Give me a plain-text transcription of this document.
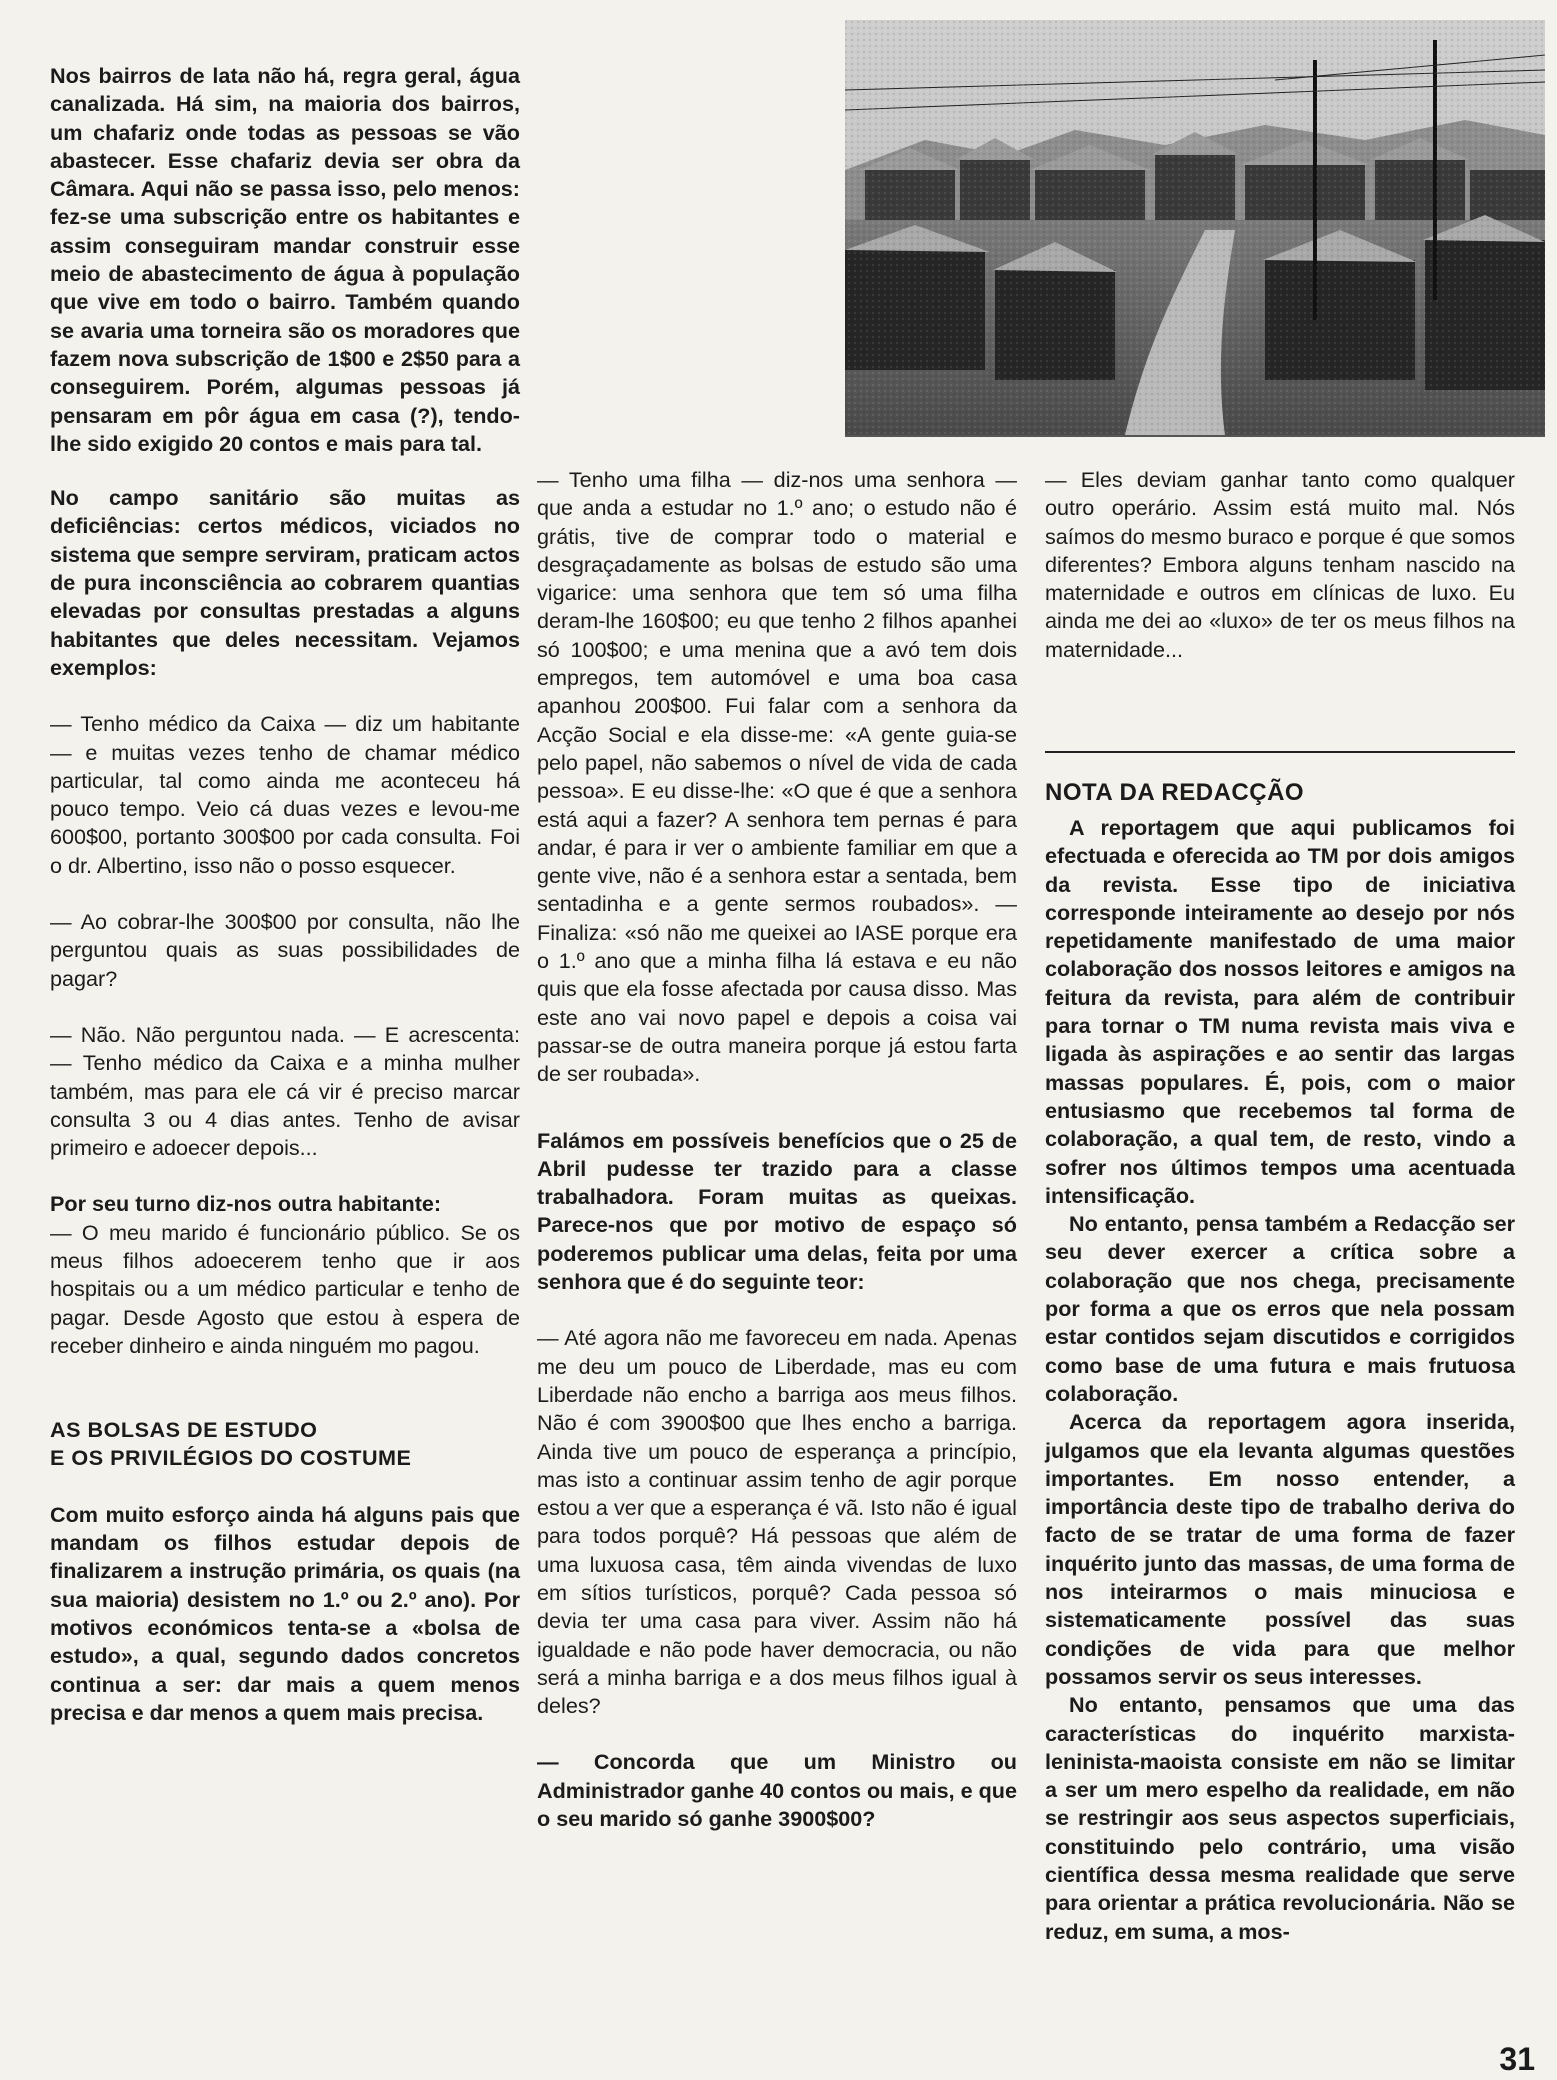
Nos bairros de lata não há, regra geral, água canalizada. Há sim, na maioria dos bairros, um chafariz onde todas as pessoas se vão abastecer. Esse chafariz devia ser obra da Câmara. Aqui não se passa isso, pelo menos: fez-se uma subscrição entre os habitantes e assim conseguiram mandar construir esse meio de abastecimento de água à população que vive em todo o bairro. Também quando se avaria uma torneira são os moradores que fazem nova subscrição de 1$00 e 2$50 para a conseguirem. Porém, algumas pessoas já pensaram em pôr água em casa (?), tendo-lhe sido exigido 20 contos e mais para tal.

No campo sanitário são muitas as deficiências: certos médicos, viciados no sistema que sempre serviram, praticam actos de pura inconsciência ao cobrarem quantias elevadas por consultas prestadas a alguns habitantes que deles necessitam. Vejamos exemplos:

— Tenho médico da Caixa — diz um habitante — e muitas vezes tenho de chamar médico particular, tal como ainda me aconteceu há pouco tempo. Veio cá duas vezes e levou-me 600$00, portanto 300$00 por cada consulta. Foi o dr. Albertino, isso não o posso esquecer.

— Ao cobrar-lhe 300$00 por consulta, não lhe perguntou quais as suas possibilidades de pagar?

— Não. Não perguntou nada. — E acrescenta: — Tenho médico da Caixa e a minha mulher também, mas para ele cá vir é preciso marcar consulta 3 ou 4 dias antes. Tenho de avisar primeiro e adoecer depois...

Por seu turno diz-nos outra habitante:

— O meu marido é funcionário público. Se os meus filhos adoecerem tenho que ir aos hospitais ou a um médico particular e tenho de pagar. Desde Agosto que estou à espera de receber dinheiro e ainda ninguém mo pagou.

AS BOLSAS DE ESTUDO
E OS PRIVILÉGIOS DO COSTUME

Com muito esforço ainda há alguns pais que mandam os filhos estudar depois de finalizarem a instrução primária, os quais (na sua maioria) desistem no 1.º ou 2.º ano). Por motivos económicos tenta-se a «bolsa de estudo», a qual, segundo dados concretos continua a ser: dar mais a quem menos precisa e dar menos a quem mais precisa.

— Tenho uma filha — diz-nos uma senhora — que anda a estudar no 1.º ano; o estudo não é grátis, tive de comprar todo o material e desgraçadamente as bolsas de estudo são uma vigarice: uma senhora que tem só uma filha deram-lhe 160$00; eu que tenho 2 filhos apanhei só 100$00; e uma menina que a avó tem dois empregos, tem automóvel e uma boa casa apanhou 200$00. Fui falar com a senhora da Acção Social e ela disse-me: «A gente guia-se pelo papel, não sabemos o nível de vida de cada pessoa». E eu disse-lhe: «O que é que a senhora está aqui a fazer? A senhora tem pernas é para andar, é para ir ver o ambiente familiar em que a gente vive, não é a senhora estar a sentada, bem sentadinha e a gente sermos roubados». — Finaliza: «só não me queixei ao IASE porque era o 1.º ano que a minha filha lá estava e eu não quis que ela fosse afectada por causa disso. Mas este ano vai novo papel e depois a coisa vai passar-se de outra maneira porque já estou farta de ser roubada».

Falámos em possíveis benefícios que o 25 de Abril pudesse ter trazido para a classe trabalhadora. Foram muitas as queixas. Parece-nos que por motivo de espaço só poderemos publicar uma delas, feita por uma senhora que é do seguinte teor:

— Até agora não me favoreceu em nada. Apenas me deu um pouco de Liberdade, mas eu com Liberdade não encho a barriga aos meus filhos. Não é com 3900$00 que lhes encho a barriga. Ainda tive um pouco de esperança a princípio, mas isto a continuar assim tenho de agir porque estou a ver que a esperança é vã. Isto não é igual para todos porquê? Há pessoas que além de uma luxuosa casa, têm ainda vivendas de luxo em sítios turísticos, porquê? Cada pessoa só devia ter uma casa para viver. Assim não há igualdade e não pode haver democracia, ou não será a minha barriga e a dos meus filhos igual à deles?

— Concorda que um Ministro ou Administrador ganhe 40 contos ou mais, e que o seu marido só ganhe 3900$00?

— Eles deviam ganhar tanto como qualquer outro operário. Assim está muito mal. Nós saímos do mesmo buraco e porque é que somos diferentes? Embora alguns tenham nascido na maternidade e outros em clínicas de luxo. Eu ainda me dei ao «luxo» de ter os meus filhos na maternidade...

NOTA DA REDACÇÃO

A reportagem que aqui publicamos foi efectuada e oferecida ao TM por dois amigos da revista. Esse tipo de iniciativa corresponde inteiramente ao desejo por nós repetidamente manifestado de uma maior colaboração dos nossos leitores e amigos na feitura da revista, para além de contribuir para tornar o TM numa revista mais viva e ligada às aspirações e ao sentir das largas massas populares. É, pois, com o maior entusiasmo que recebemos tal forma de colaboração, a qual tem, de resto, vindo a sofrer nos últimos tempos uma acentuada intensificação.

No entanto, pensa também a Redacção ser seu dever exercer a crítica sobre a colaboração que nos chega, precisamente por forma a que os erros que nela possam estar contidos sejam discutidos e corrigidos como base de uma futura e mais frutuosa colaboração.

Acerca da reportagem agora inserida, julgamos que ela levanta algumas questões importantes. Em nosso entender, a importância deste tipo de trabalho deriva do facto de se tratar de uma forma de fazer inquérito junto das massas, de uma forma de nos inteirarmos o mais minuciosa e sistematicamente possível das suas condições de vida para que melhor possamos servir os seus interesses.

No entanto, pensamos que uma das características do inquérito marxista-leninista-maoista consiste em não se limitar a ser um mero espelho da realidade, em não se restringir aos seus aspectos superficiais, constituindo pelo contrário, uma visão científica dessa mesma realidade que serve para orientar a prática revolucionária. Não se reduz, em suma, a mos-

31
